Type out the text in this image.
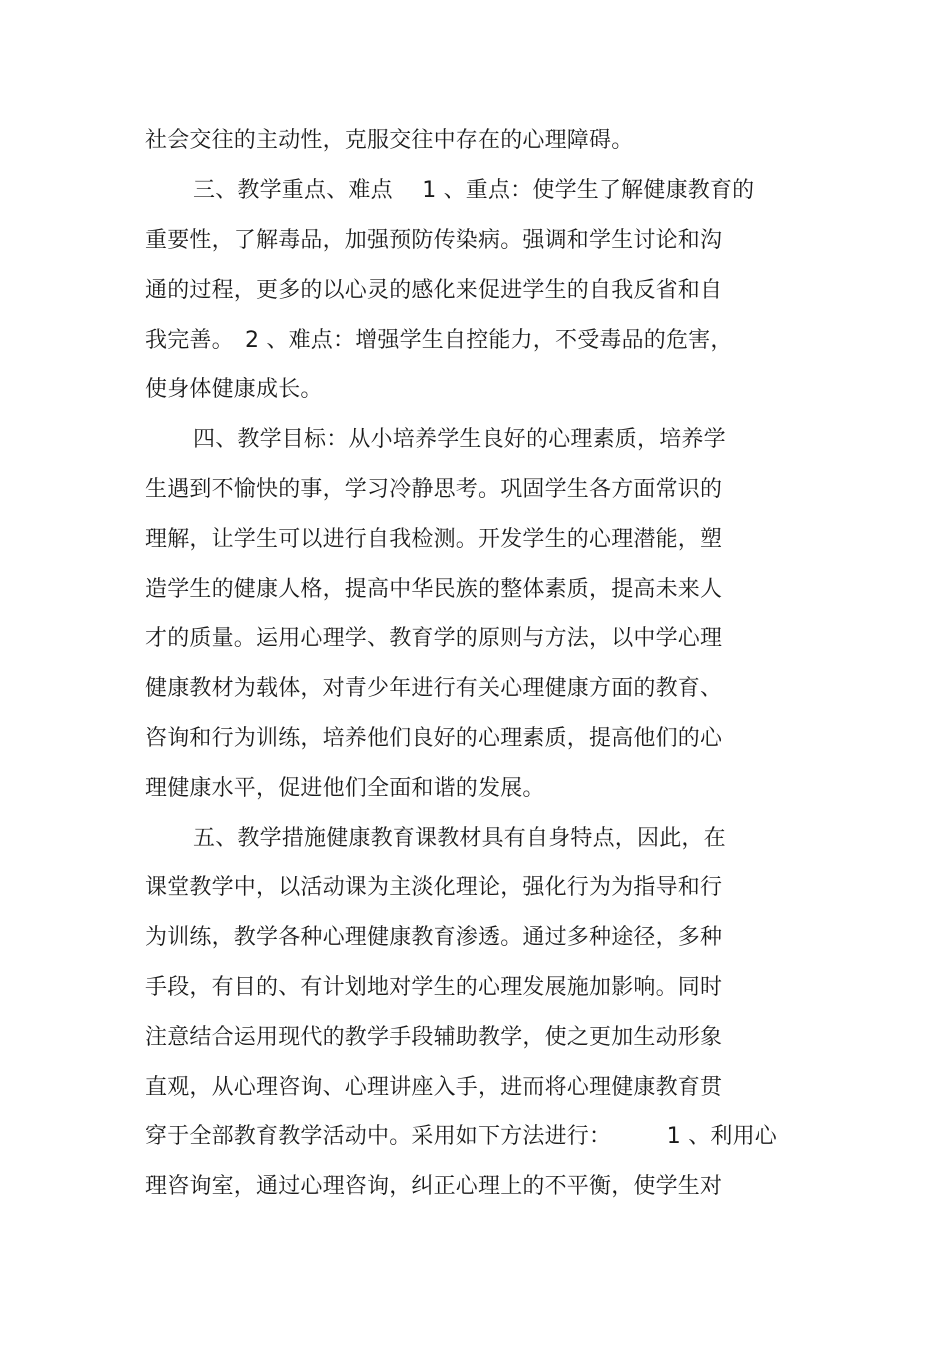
社会交往的主动性，克服交往中存在的心理障碍。

三、教学重点、难点　 1 、重点：使学生了解健康教育的

重要性，了解毒品，加强预防传染病。强调和学生讨论和沟

通的过程，更多的以心灵的感化来促进学生的自我反省和自

我完善。　2 、难点：增强学生自控能力，不受毒品的危害，

使身体健康成长。

四、教学目标：从小培养学生良好的心理素质，培养学

生遇到不愉快的事，学习冷静思考。巩固学生各方面常识的

理解，让学生可以进行自我检测。开发学生的心理潜能，塑

造学生的健康人格，提高中华民族的整体素质，提高未来人

才的质量。运用心理学、教育学的原则与方法，以中学心理

健康教材为载体，对青少年进行有关心理健康方面的教育、

咨询和行为训练，培养他们良好的心理素质，提高他们的心

理健康水平，促进他们全面和谐的发展。

五、教学措施健康教育课教材具有自身特点，因此，在

课堂教学中，以活动课为主淡化理论，强化行为为指导和行

为训练，教学各种心理健康教育渗透。通过多种途径，多种

手段，有目的、有计划地对学生的心理发展施加影响。同时

注意结合运用现代的教学手段辅助教学，使之更加生动形象

直观，从心理咨询、心理讲座入手，进而将心理健康教育贯

穿于全部教育教学活动中。采用如下方法进行：　　　1 、利用心

理咨询室，通过心理咨询，纠正心理上的不平衡，使学生对
